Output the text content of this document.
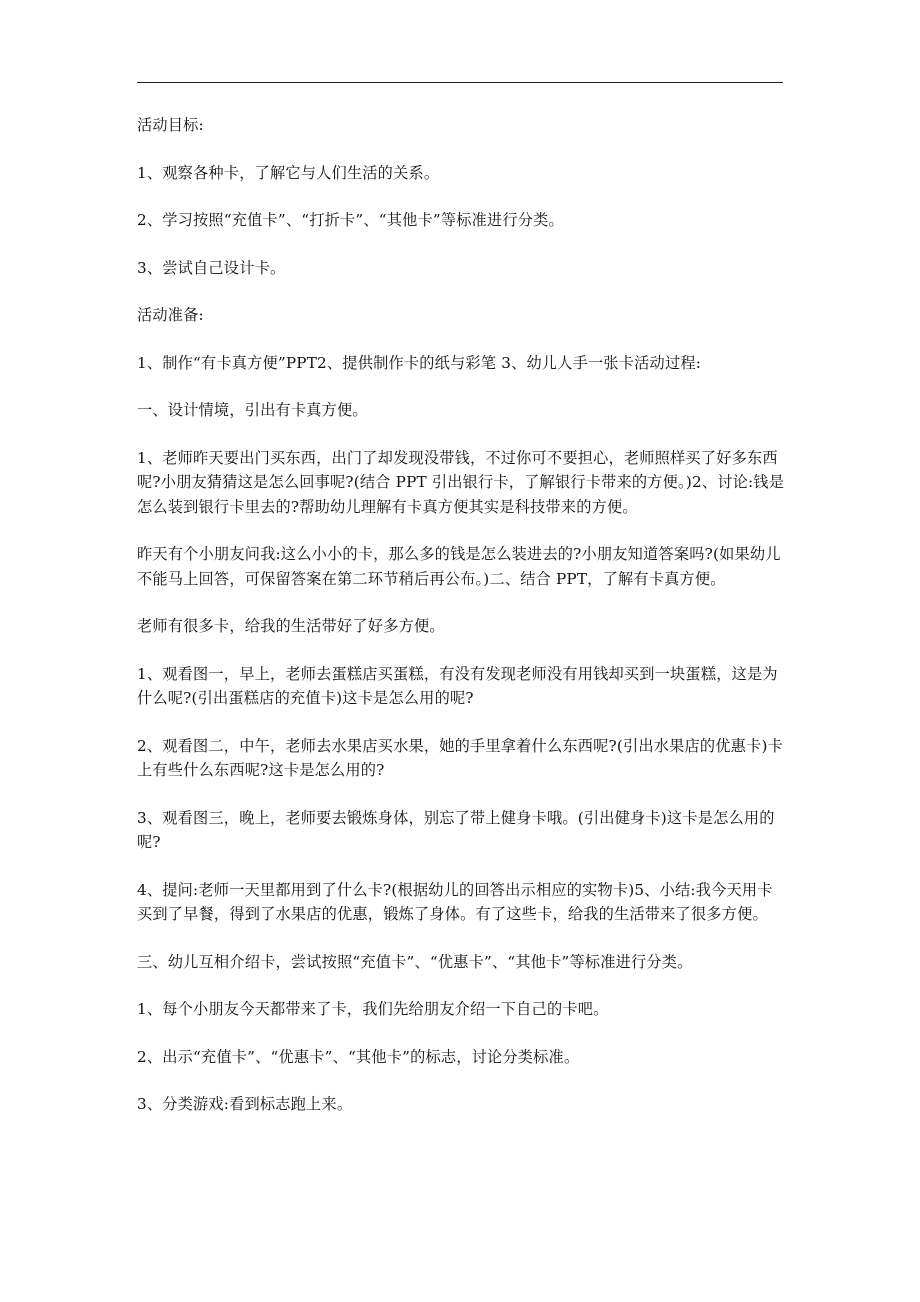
活动目标:

1、观察各种卡，了解它与人们生活的关系。

2、学习按照“充值卡”、“打折卡”、“其他卡”等标准进行分类。

3、尝试自己设计卡。

活动准备:

1、制作“有卡真方便”PPT2、提供制作卡的纸与彩笔 3、幼儿人手一张卡活动过程:

一、设计情境，引出有卡真方便。

1、老师昨天要出门买东西，出门了却发现没带钱，不过你可不要担心，老师照样买了好多东西呢?小朋友猜猜这是怎么回事呢?(结合 PPT 引出银行卡，了解银行卡带来的方便。)2、讨论:钱是怎么装到银行卡里去的?帮助幼儿理解有卡真方便其实是科技带来的方便。

昨天有个小朋友问我:这么小小的卡，那么多的钱是怎么装进去的?小朋友知道答案吗?(如果幼儿不能马上回答，可保留答案在第二环节稍后再公布。)二、结合 PPT，了解有卡真方便。

老师有很多卡，给我的生活带好了好多方便。

1、观看图一，早上，老师去蛋糕店买蛋糕，有没有发现老师没有用钱却买到一块蛋糕，这是为什么呢?(引出蛋糕店的充值卡)这卡是怎么用的呢?

2、观看图二，中午，老师去水果店买水果，她的手里拿着什么东西呢?(引出水果店的优惠卡)卡上有些什么东西呢?这卡是怎么用的?

3、观看图三，晚上，老师要去锻炼身体，别忘了带上健身卡哦。(引出健身卡)这卡是怎么用的呢?

4、提问:老师一天里都用到了什么卡?(根据幼儿的回答出示相应的实物卡)5、小结:我今天用卡买到了早餐，得到了水果店的优惠，锻炼了身体。有了这些卡，给我的生活带来了很多方便。

三、幼儿互相介绍卡，尝试按照“充值卡”、“优惠卡”、“其他卡”等标准进行分类。

1、每个小朋友今天都带来了卡，我们先给朋友介绍一下自己的卡吧。

2、出示“充值卡”、“优惠卡”、“其他卡”的标志，讨论分类标准。

3、分类游戏:看到标志跑上来。
